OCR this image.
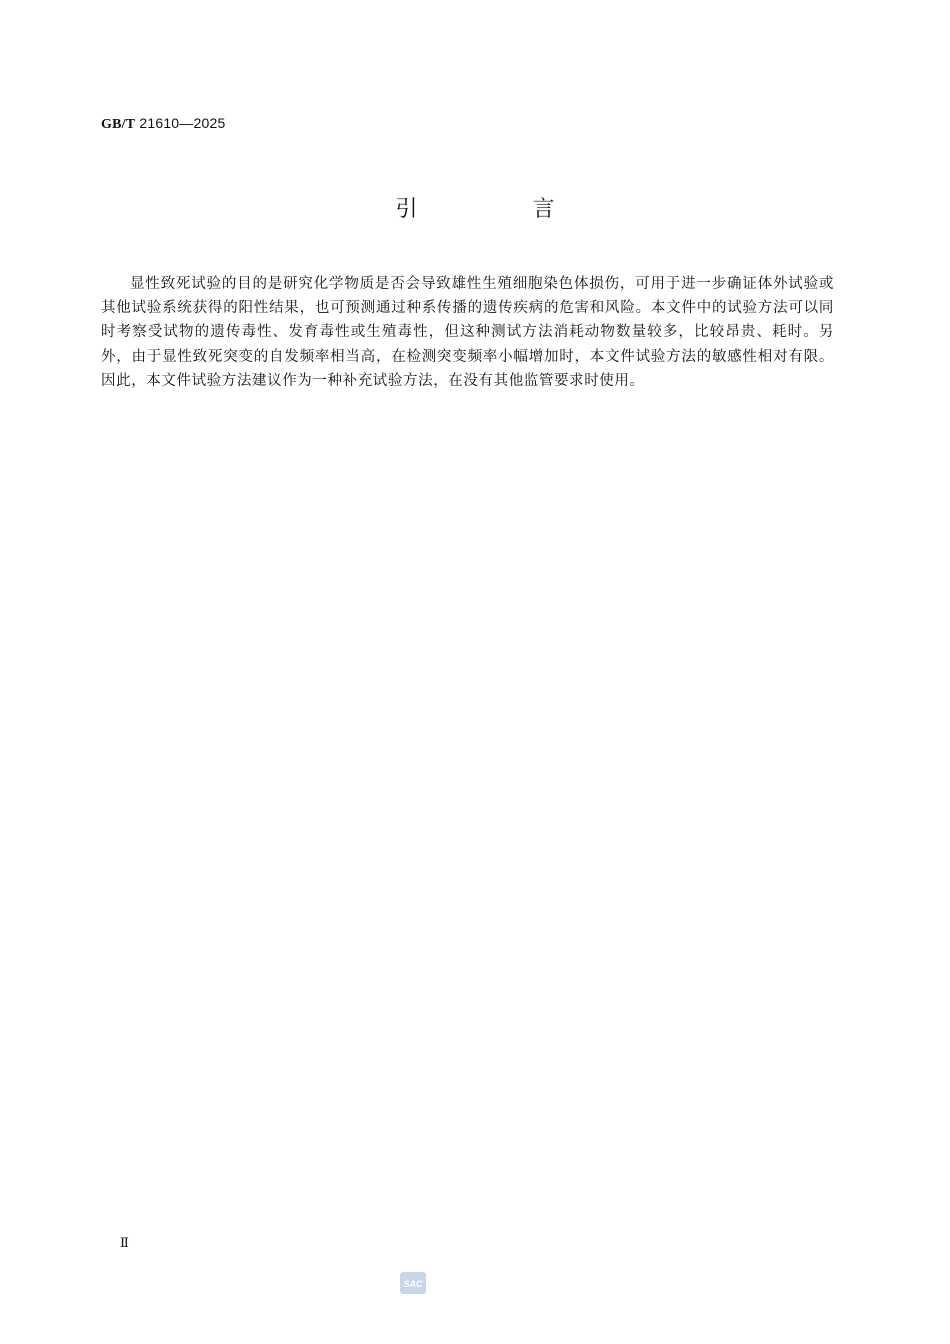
GB/T 21610—2025
引 言

显性致死试验的目的是研究化学物质是否会导致雄性生殖细胞染色体损伤，可用于进一步确证体外试验或其他试验系统获得的阳性结果，也可预测通过种系传播的遗传疾病的危害和风险。本文件中的试验方法可以同时考察受试物的遗传毒性、发育毒性或生殖毒性，但这种测试方法消耗动物数量较多，比较昂贵、耗时。另外，由于显性致死突变的自发频率相当高，在检测突变频率小幅增加时，本文件试验方法的敏感性相对有限。因此，本文件试验方法建议作为一种补充试验方法，在没有其他监管要求时使用。

Ⅱ
SAC
